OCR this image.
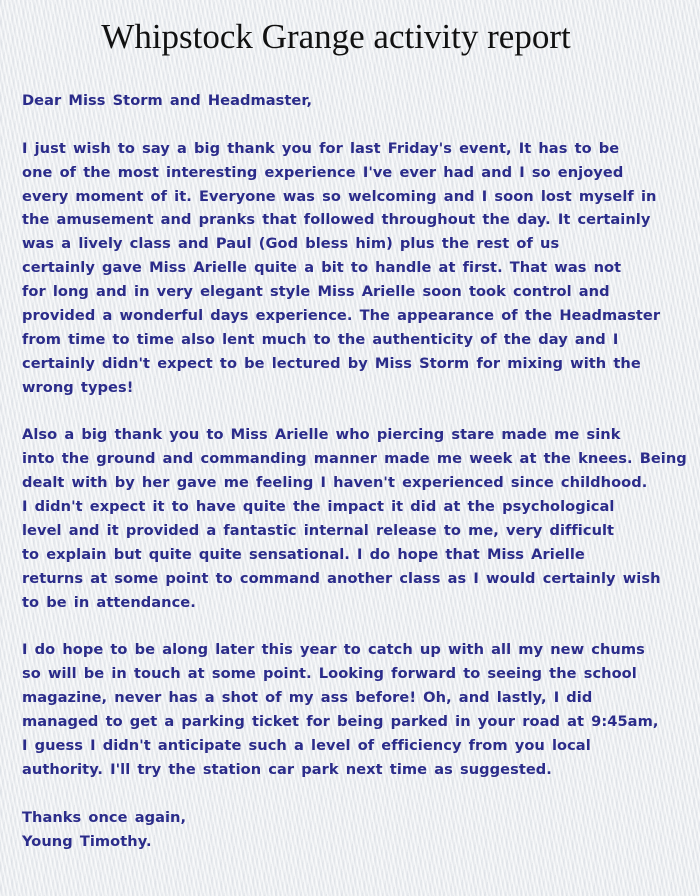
Whipstock Grange activity report
Dear Miss Storm and Headmaster,
I just wish to say a big thank you for last Friday's event, It has to be
one of the most interesting experience I've ever had and I so enjoyed
every moment of it. Everyone was so welcoming and I soon lost myself in
the amusement and pranks that followed throughout the day. It certainly
was a lively class and Paul (God bless him) plus the rest of us
certainly gave Miss Arielle quite a bit to handle at first. That was not
for long and in very elegant style Miss Arielle soon took control and
provided a wonderful days experience. The appearance of the Headmaster
from time to time also lent much to the authenticity of the day and I
certainly didn't expect to be lectured by Miss Storm for mixing with the
wrong types!
Also a big thank you to Miss Arielle who piercing stare made me sink
into the ground and commanding manner made me week at the knees. Being
dealt with by her gave me feeling I haven't experienced since childhood.
I didn't expect it to have quite the impact it did at the psychological
level and it provided a fantastic internal release to me, very difficult
to explain but quite quite sensational. I do hope that Miss Arielle
returns at some point to command another class as I would certainly wish
to be in attendance.
I do hope to be along later this year to catch up with all my new chums
so will be in touch at some point. Looking forward to seeing the school
magazine, never has a shot of my ass before! Oh, and lastly, I did
managed to get a parking ticket for being parked in your road at 9:45am,
I guess I didn't anticipate such a level of efficiency from you local
authority. I'll try the station car park next time as suggested.
Thanks once again,
Young Timothy.
